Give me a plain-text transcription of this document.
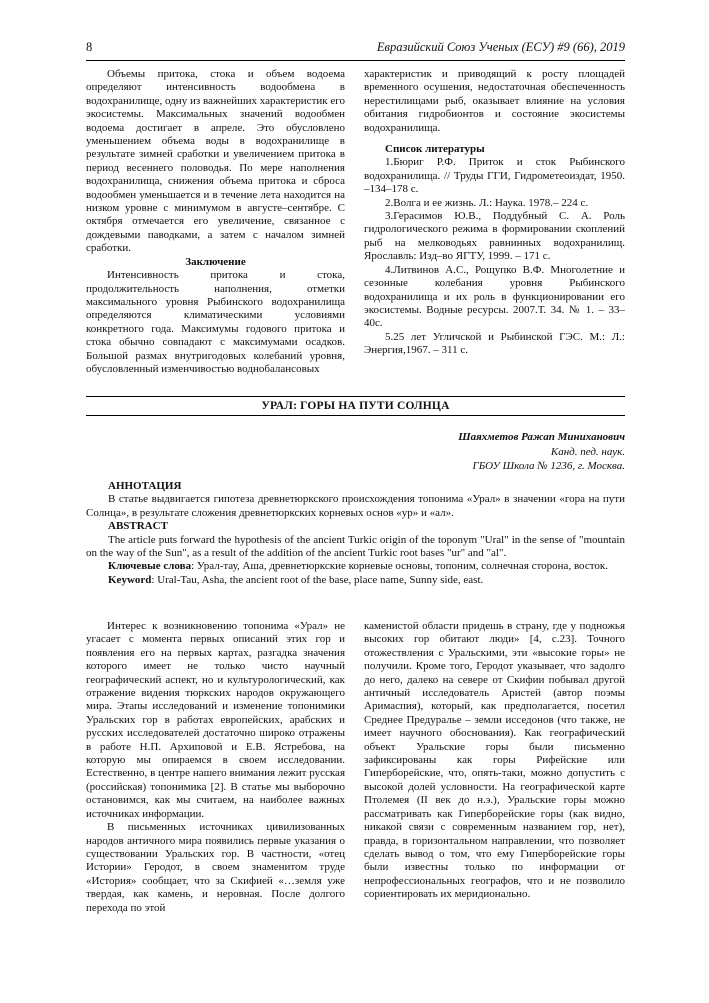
8	Евразийский Союз Ученых (ЕСУ) #9 (66), 2019

Объемы притока, стока и объем водоема определяют интенсивность водообмена в водохранилище, одну из важнейших характеристик его экосистемы. Максимальных значений водообмен водоема достигает в апреле. Это обусловлено уменьшением объема воды в водохранилище в результате зимней сработки и увеличением притока в период весеннего половодья. По мере наполнения водохранилища, снижения объема притока и сброса водообмен уменьшается и в течение лета находится на низком уровне с минимумом в августе–сентябре. С октября отмечается его увеличение, связанное с дождевыми паводками, а затем с началом зимней сработки.

Заключение

Интенсивность притока и стока, продолжительность наполнения, отметки максимального уровня Рыбинского водохранилища определяются климатическими условиями конкретного года. Максимумы годового притока и стока обычно совпадают с максимумами осадков. Большой размах внутригодовых колебаний уровня, обусловленный изменчивостью воднобалансовых

характеристик и приводящий к росту площадей временного осушения, недостаточная обеспеченность нерестилищами рыб, оказывает влияние на условия обитания гидробионтов и состояние экосистемы водохранилища.

Список литературы

1.Бюриг Р.Ф. Приток и сток Рыбинского водохранилища. // Труды ГГИ, Гидрометеоиздат, 1950. –134–178 с.

2.Волга и ее жизнь. Л.: Наука. 1978.– 224 с.

3.Герасимов Ю.В., Поддубный С. А. Роль гидрологического режима в формировании скоплений рыб на мелководьях равнинных водохранилищ. Ярославль: Изд–во ЯГТУ, 1999. – 171 с.

4.Литвинов А.С., Рощупко В.Ф. Многолетние и сезонные колебания уровня Рыбинского водохранилища и их роль в функционировании его экосистемы. Водные ресурсы. 2007.Т. 34. № 1. – 33–40с.

5.25 лет Угличской и Рыбинской ГЭС. М.: Л.: Энергия,1967. – 311 с.

УРАЛ: ГОРЫ НА ПУТИ СОЛНЦА
Шаяхметов Ражап Миниханович
Канд. пед. наук.
ГБОУ Школа № 1236, г. Москва.

АННОТАЦИЯ

В статье выдвигается гипотеза древнетюркского происхождения топонима «Урал» в значении «гора на пути Солнца», в результате сложения древнетюркских корневых основ «ур» и «ал».

ABSTRACT

The article puts forward the hypothesis of the ancient Turkic origin of the toponym "Ural" in the sense of "mountain on the way of the Sun", as a result of the addition of the ancient Turkic root bases "ur" and "al".

Ключевые слова: Урал-тау, Аша, древнетюркские корневые основы, топоним, солнечная сторона, восток.

Keyword: Ural-Tau, Asha, the ancient root of the base, place name, Sunny side, east.

Интерес к возникновению топонима «Урал» не угасает с момента первых описаний этих гор и появления его на первых картах, разгадка значения которого имеет не только чисто научный географический аспект, но и культурологический, как отражение видения тюркских народов окружающего мира. Этапы исследований и изменение топонимики Уральских гор в работах европейских, арабских и русских исследователей достаточно широко отражены в работе Н.П. Архиповой и Е.В. Ястребова, на которую мы опираемся в своем исследовании. Естественно, в центре нашего внимания лежит русская (российская) топонимика [2]. В статье мы выборочно остановимся, как мы считаем, на наиболее важных источниках информации.

В письменных источниках цивилизованных народов античного мира появились первые указания о существовании Уральских гор. В частности, «отец Истории» Геродот, в своем знаменитом труде «История» сообщает, что за Скифией «…земля уже твердая, как камень, и неровная. После долгого перехода по этой

каменистой области придешь в страну, где у подножья высоких гор обитают люди» [4, с.23]. Точного отожествления с Уральскими, эти «высокие горы» не получили. Кроме того, Геродот указывает, что задолго до него, далеко на севере от Скифии побывал другой античный исследователь Аристей (автор поэмы Аримаспия), который, как предполагается, посетил Среднее Предуралье – земли исседонов (что также, не имеет научного обоснования). Как географический объект Уральские горы были письменно зафиксированы как горы Рифейские или Гиперборейские, что, опять-таки, можно допустить с высокой долей условности. На географической карте Птолемея (II век до н.э.), Уральские горы можно рассматривать как Гиперборейские горы (как видно, никакой связи с современным названием гор, нет), правда, в горизонтальном направлении, что позволяет сделать вывод о том, что ему Гиперборейские горы были известны только по информации от непрофессиональных географов, что и не позволило сориентировать их меридионально.
